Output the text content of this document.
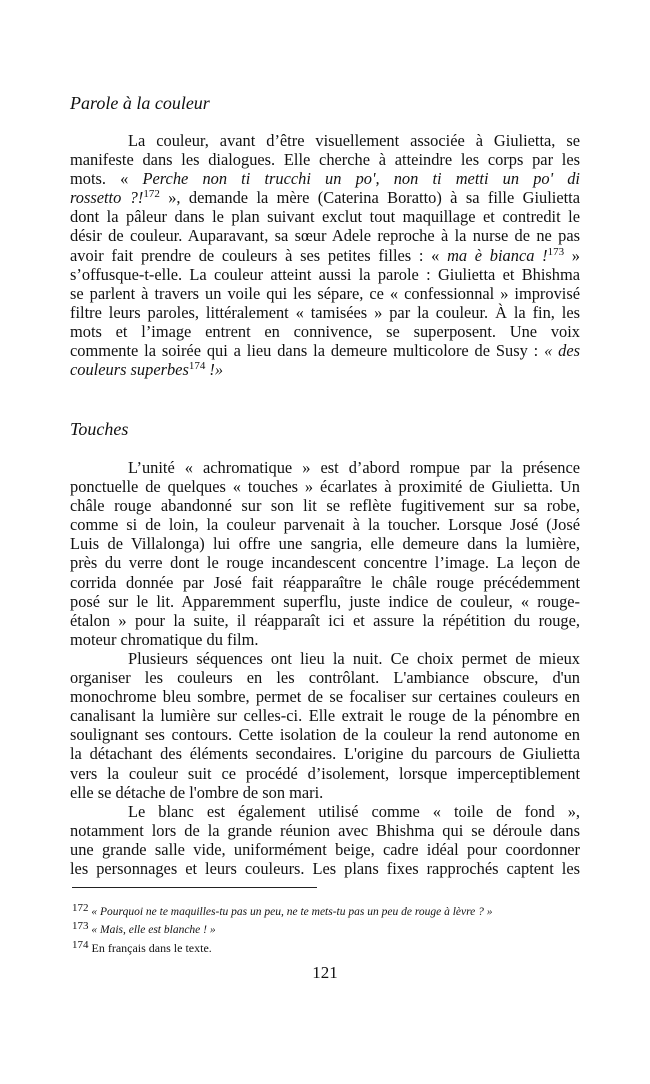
Parole à la couleur
La couleur, avant d’être visuellement associée à Giulietta, se
manifeste dans les dialogues. Elle cherche à atteindre les corps par les
mots. « Perche non ti trucchi un po', non ti metti un po' di
rossetto ?!$^{172}$ », demande la mère (Caterina Boratto) à sa fille Giulietta
dont la pâleur dans le plan suivant exclut tout maquillage et contredit le
désir de couleur. Auparavant, sa sœur Adele reproche à la nurse de ne pas
avoir fait prendre de couleurs à ses petites filles : « ma è bianca !$^{173}$ »
s’offusque-t-elle. La couleur atteint aussi la parole : Giulietta et Bhishma
se parlent à travers un voile qui les sépare, ce « confessionnal » improvisé
filtre leurs paroles, littéralement « tamisées » par la couleur. À la fin, les
mots et l’image entrent en connivence, se superposent. Une voix
commente la soirée qui a lieu dans la demeure multicolore de Susy : « des
couleurs superbes$^{174}$ !»
Touches
L’unité « achromatique » est d’abord rompue par la présence
ponctuelle de quelques « touches » écarlates à proximité de Giulietta. Un
châle rouge abandonné sur son lit se reflète fugitivement sur sa robe,
comme si de loin, la couleur parvenait à la toucher. Lorsque José (José
Luis de Villalonga) lui offre une sangria, elle demeure dans la lumière,
près du verre dont le rouge incandescent concentre l’image. La leçon de
corrida donnée par José fait réapparaître le châle rouge précédemment
posé sur le lit. Apparemment superflu, juste indice de couleur, « rouge-
étalon » pour la suite, il réapparaît ici et assure la répétition du rouge,
moteur chromatique du film.
Plusieurs séquences ont lieu la nuit. Ce choix permet de mieux
organiser les couleurs en les contrôlant. L'ambiance obscure, d'un
monochrome bleu sombre, permet de se focaliser sur certaines couleurs en
canalisant la lumière sur celles-ci. Elle extrait le rouge de la pénombre en
soulignant ses contours. Cette isolation de la couleur la rend autonome en
la détachant des éléments secondaires. L'origine du parcours de Giulietta
vers la couleur suit ce procédé d’isolement, lorsque imperceptiblement
elle se détache de l'ombre de son mari.
Le blanc est également utilisé comme « toile de fond »,
notamment lors de la grande réunion avec Bhishma qui se déroule dans
une grande salle vide, uniformément beige, cadre idéal pour coordonner
les personnages et leurs couleurs. Les plans fixes rapprochés captent les
172 « Pourquoi ne te maquilles-tu pas un peu, ne te mets-tu pas un peu de rouge à lèvre ? »
173 « Mais, elle est blanche ! »
174 En français dans le texte.
121
